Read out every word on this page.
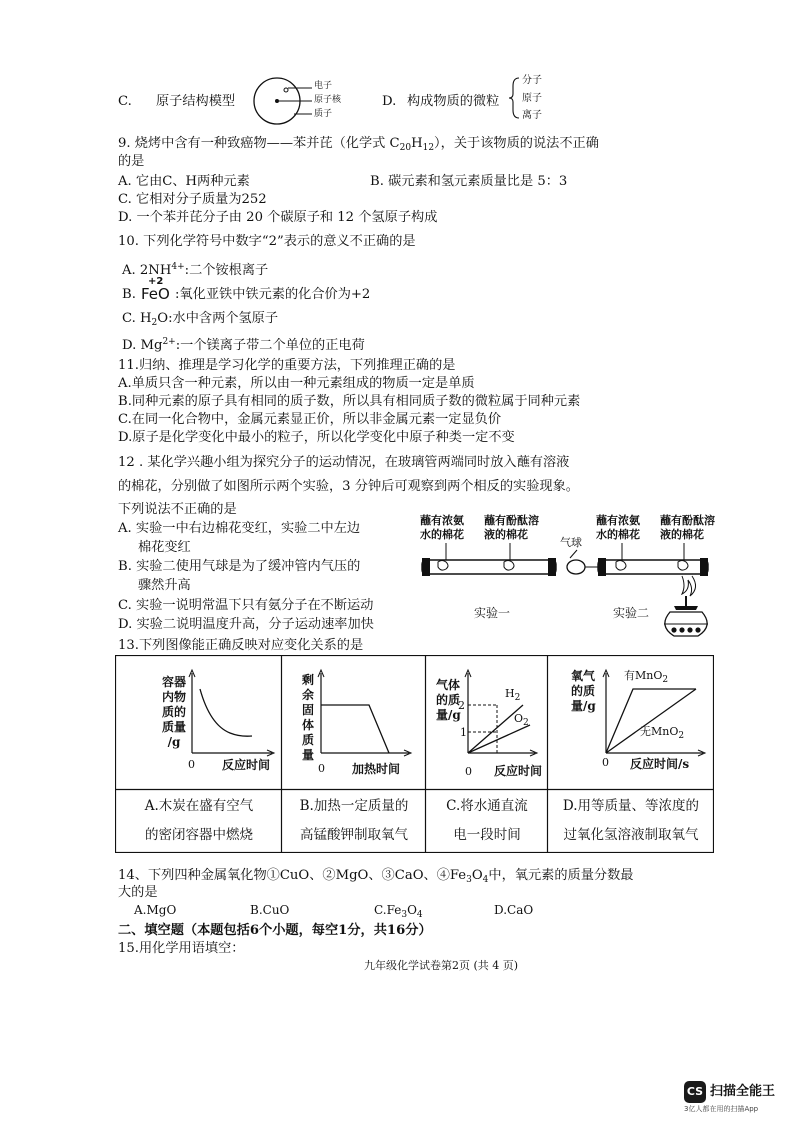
C. 原子结构模型
电子
原子核
质子
D. 构成物质的微粒
分子
原子
离子
9. 烧烤中含有一种致癌物——苯并芘（化学式 $C_{20}H_{12}$），关于该物质的说法不正确
的是
A. 它由C、H两种元素	B. 碳元素和氢元素质量比是 5：3
C. 它相对分子质量为252
D. 一个苯并芘分子由 20 个碳原子和 12 个氢原子构成
10. 下列化学符号中数字“2”表示的意义不正确的是
A. $2NH^{4+}$:二个铵根离子
B.
+2
FeO :氧化亚铁中铁元素的化合价为+2
C. $H_2O$:水中含两个氢原子
D. $Mg^{2+}$:一个镁离子带二个单位的正电荷
11.归纳、推理是学习化学的重要方法，下列推理正确的是
A.单质只含一种元素，所以由一种元素组成的物质一定是单质
B.同种元素的原子具有相同的质子数，所以具有相同质子数的微粒属于同种元素
C.在同一化合物中，金属元素显正价，所以非金属元素一定显负价
D.原子是化学变化中最小的粒子，所以化学变化中原子种类一定不变
12 . 某化学兴趣小组为探究分子的运动情况，在玻璃管两端同时放入蘸有溶液
的棉花，分别做了如图所示两个实验，3 分钟后可观察到两个相反的实验现象。
下列说法不正确的是
A. 实验一中右边棉花变红，实验二中左边
棉花变红
B. 实验二使用气球是为了缓冲管内气压的
骤然升高
C. 实验一说明常温下只有氨分子在不断运动
D. 实验二说明温度升高，分子运动速率加快
蘸有浓氨
水的棉花
蘸有酚酞溶
液的棉花
蘸有浓氨
水的棉花
蘸有酚酞溶
液的棉花
气球
实验一	实验二
13.下列图像能正确反映对应变化关系的是
容器
内物
质的
质量
/g
0 反应时间
剩
余
固
体
质
量
0 加热时间
气体
的质
量/g
2
1
0 反应时间
$H_2$
$O_2$
氧气
的质
量/g
0 反应时间/s
有MnO$_2$
无MnO$_2$
A.木炭在盛有空气
的密闭容器中燃烧
B.加热一定质量的
高锰酸钾制取氧气
C.将水通直流
电一段时间
D.用等质量、等浓度的
过氧化氢溶液制取氧气
14、下列四种金属氧化物①CuO、②MgO、③CaO、$④Fe_3O_4$中，氧元素的质量分数最
大的是
A.MgO	B.CuO	$C.Fe_3O_4$	D.CaO
二、填空题（本题包括6个小题，每空1分，共16分）
15.用化学用语填空：
九年级化学试卷第2页 (共 4 页)
CS 扫描全能王
3亿人都在用的扫描App
